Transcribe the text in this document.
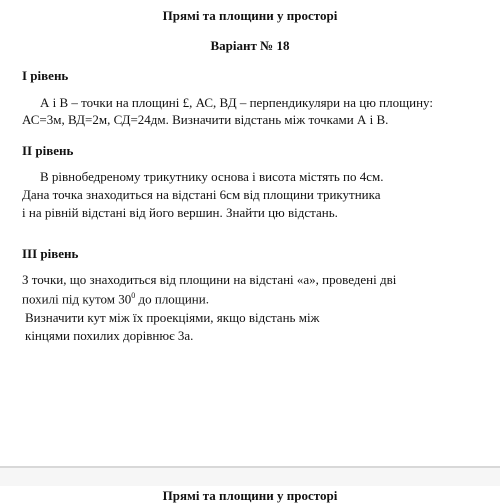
Прямі та площини у просторі
Варіант № 18
І рівень
А і В – точки на площині £, АС, ВД – перпендикуляри на цю площину:
АС=3м, ВД=2м, СД=24дм. Визначити відстань між точками А і В.
ІІ рівень
В рівнобедреному трикутнику основа і висота містять по 4см.
Дана точка знаходиться на відстані 6см від площини трикутника
і на рівній відстані від його вершин. Знайти цю відстань.
ІІІ рівень
З точки, що знаходиться від площини на відстані «а», проведені дві
похилі під кутом $30^0$ до площини.
Визначити кут між їх проекціями, якщо відстань між
кінцями похилих дорівнює 3а.
Прямі та площини у просторі
